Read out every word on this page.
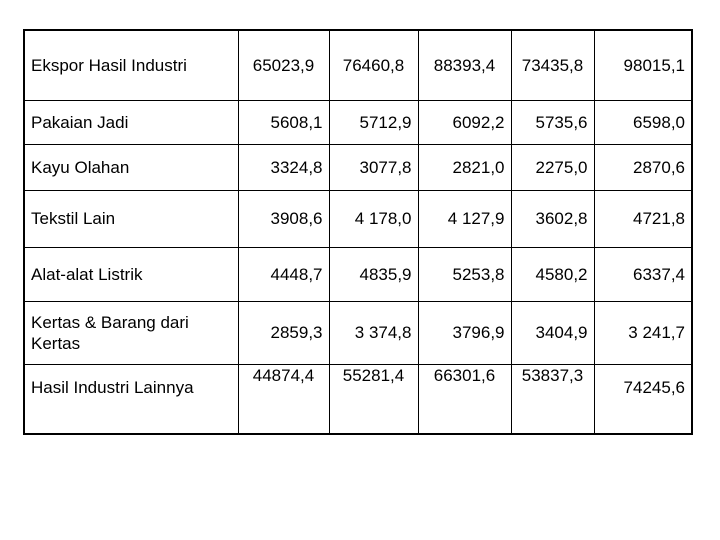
Ekspor Hasil Industri	65023,9	76460,8	88393,4	73435,8	98015,1
Pakaian Jadi	5608,1	5712,9	6092,2	5735,6	6598,0
Kayu Olahan	3324,8	3077,8	2821,0	2275,0	2870,6
Tekstil Lain	3908,6	4 178,0	4 127,9	3602,8	4721,8
Alat-alat Listrik	4448,7	4835,9	5253,8	4580,2	6337,4
Kertas & Barang dari Kertas	2859,3	3 374,8	3796,9	3404,9	3 241,7
Hasil Industri Lainnya	44874,4	55281,4	66301,6	53837,3	74245,6
